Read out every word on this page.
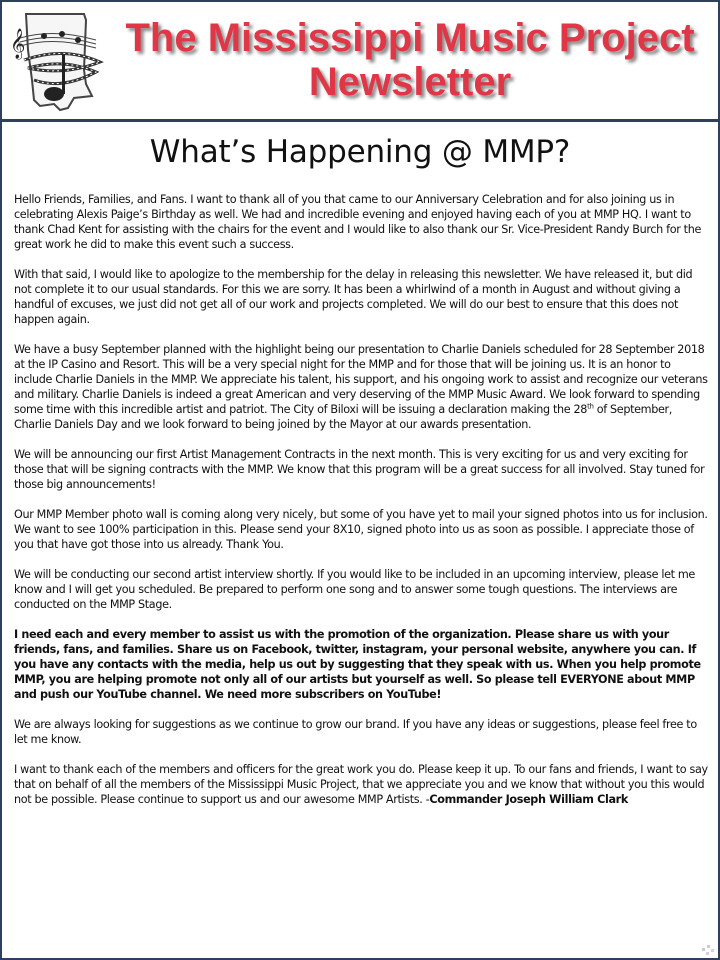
𝄞	The Mississippi Music Project
Newsletter
What’s Happening @ MMP?

Hello Friends, Families, and Fans. I want to thank all of you that came to our Anniversary Celebration and for also joining us in celebrating Alexis Paige’s Birthday as well. We had and incredible evening and enjoyed having each of you at MMP HQ. I want to thank Chad Kent for assisting with the chairs for the event and I would like to also thank our Sr. Vice-President Randy Burch for the great work he did to make this event such a success.

With that said, I would like to apologize to the membership for the delay in releasing this newsletter. We have released it, but did not complete it to our usual standards. For this we are sorry. It has been a whirlwind of a month in August and without giving a handful of excuses, we just did not get all of our work and projects completed. We will do our best to ensure that this does not happen again.

We have a busy September planned with the highlight being our presentation to Charlie Daniels scheduled for 28 September 2018 at the IP Casino and Resort. This will be a very special night for the MMP and for those that will be joining us. It is an honor to include Charlie Daniels in the MMP. We appreciate his talent, his support, and his ongoing work to assist and recognize our veterans and military. Charlie Daniels is indeed a great American and very deserving of the MMP Music Award. We look forward to spending some time with this incredible artist and patriot. The City of Biloxi will be issuing a declaration making the 28th of September, Charlie Daniels Day and we look forward to being joined by the Mayor at our awards presentation.

We will be announcing our first Artist Management Contracts in the next month. This is very exciting for us and very exciting for those that will be signing contracts with the MMP. We know that this program will be a great success for all involved. Stay tuned for those big announcements!

Our MMP Member photo wall is coming along very nicely, but some of you have yet to mail your signed photos into us for inclusion. We want to see 100% participation in this. Please send your 8X10, signed photo into us as soon as possible. I appreciate those of you that have got those into us already. Thank You.

We will be conducting our second artist interview shortly. If you would like to be included in an upcoming interview, please let me know and I will get you scheduled. Be prepared to perform one song and to answer some tough questions. The interviews are conducted on the MMP Stage.

I need each and every member to assist us with the promotion of the organization. Please share us with your friends, fans, and families. Share us on Facebook, twitter, instagram, your personal website, anywhere you can. If you have any contacts with the media, help us out by suggesting that they speak with us. When you help promote MMP, you are helping promote not only all of our artists but yourself as well. So please tell EVERYONE about MMP and push our YouTube channel. We need more subscribers on YouTube!

We are always looking for suggestions as we continue to grow our brand. If you have any ideas or suggestions, please feel free to let me know.

I want to thank each of the members and officers for the great work you do. Please keep it up. To our fans and friends, I want to say that on behalf of all the members of the Mississippi Music Project, that we appreciate you and we know that without you this would not be possible. Please continue to support us and our awesome MMP Artists. -Commander Joseph William Clark
